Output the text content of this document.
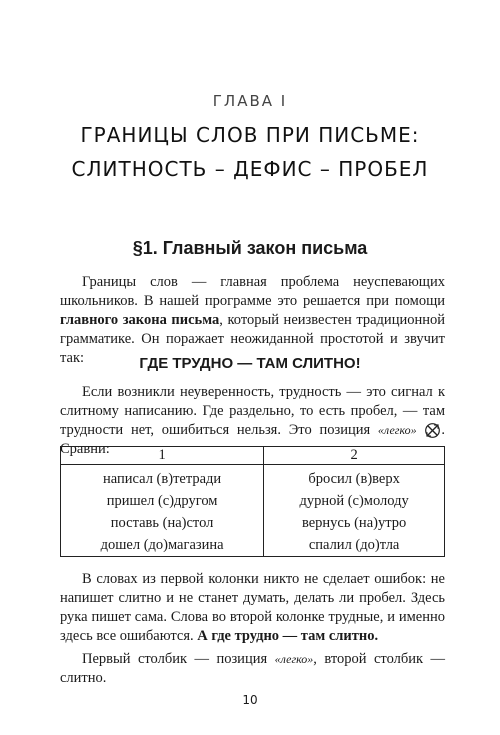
ГЛАВА I
ГРАНИЦЫ СЛОВ ПРИ ПИСЬМЕ:
СЛИТНОСТЬ – ДЕФИС – ПРОБЕЛ
§1. Главный закон письма
Границы слов — главная проблема неуспевающих школьников. В нашей программе это решается при помощи главного закона письма, который неизвестен традиционной грамматике. Он поражает неожиданной простотой и звучит так:	ГДЕ ТРУДНО — ТАМ СЛИТНО!
Если возникли неуверенность, трудность — это сигнал к слитному написанию. Где раздельно, то есть пробел, — там трудности нет, ошибиться нельзя. Это позиция «легко» . Сравни:	1	2
написал (в)тетради	бросил (в)верх
пришел (с)другом	дурной (с)молоду
поставь (на)стол	вернусь (на)утро
дошел (до)магазина	спалил (до)тла
В словах из первой колонки никто не сделает ошибок: не напишет слитно и не станет думать, делать ли пробел. Здесь рука пишет сама. Слова во второй колонке трудные, и именно здесь все ошибаются. А где трудно — там слитно.
Первый столбик — позиция «легко», второй столбик — слитно.
10
